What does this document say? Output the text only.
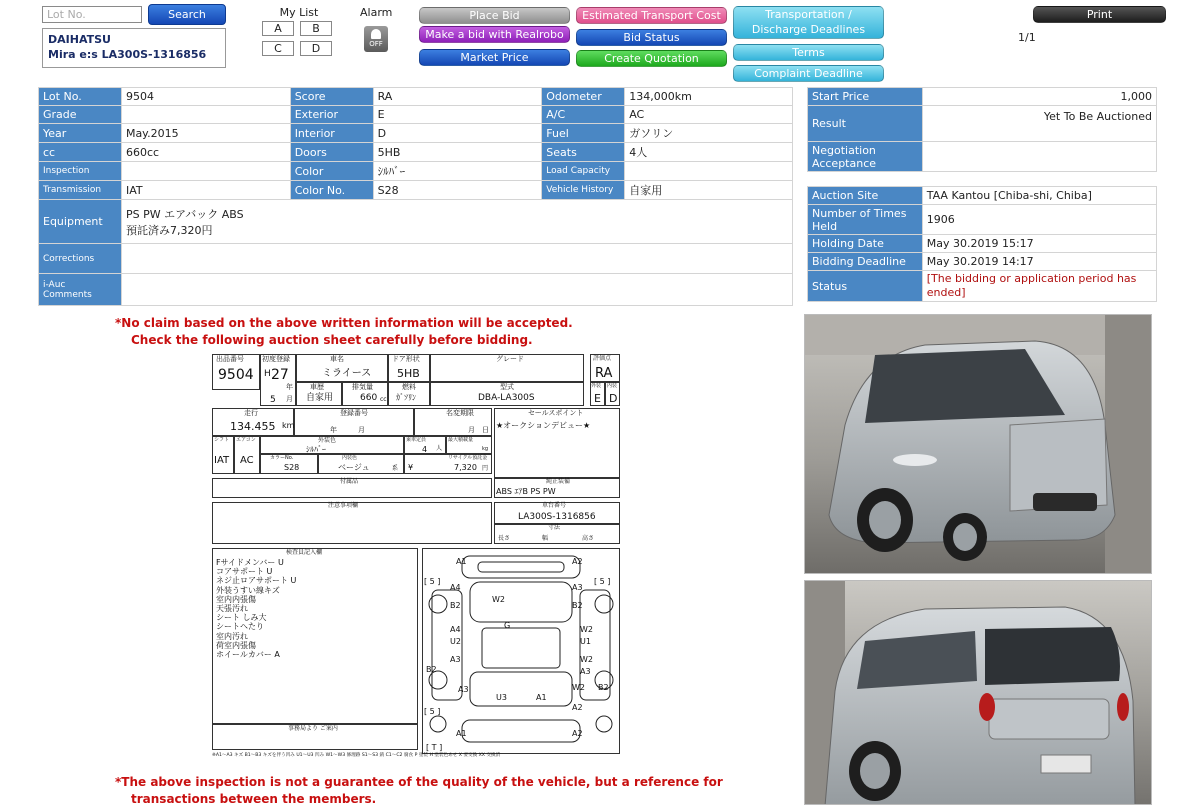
Lot No.
Search
DAIHATSU
Mira e:s LA300S-1316856
My List
A	B
C	D
Alarm
OFF
Place Bid
Make a bid with Realrobo
Market Price
Estimated Transport Cost
Bid Status
Create Quotation
Transportation / Discharge Deadlines
Terms
Complaint Deadline
Print
1/1
Lot No.	9504	Score	RA	Odometer	134,000km
Grade		Exterior	E	A/C	AC
Year	May.2015	Interior	D	Fuel	ガソリン
cc	660cc	Doors	5HB	Seats	4人
Inspection		Color	ｼﾙﾊﾞｰ	Load Capacity	
Transmission	IAT	Color No.	S28	Vehicle History	自家用
Equipment	PS PW エアバック ABS
預託済み7,320円				

Corrections					
i-Auc Comments					
Start Price	1,000
Result	Yet To Be Auctioned
Negotiation Acceptance	
Auction Site	TAA Kantou [Chiba-shi, Chiba]
Number of Times Held	1906
Holding Date	May 30.2019 15:17
Bidding Deadline	May 30.2019 14:17
Status	[The bidding or application period has ended]
*No claim based on the above written information will be accepted.
Check the following auction sheet carefully before bidding.
*The above inspection is not a guarantee of the quality of the vehicle, but a reference for
transactions between the members.
出品番号
9504
初度登録
H 27
年
5 月
車名
ミライース
ドア形状
5HB
グレード	評価点
RA
車歴
自家用
排気量
660 cc
燃料
ｶﾞｿﾘﾝ
型式
DBA-LA300S
外装 内装
E D
走行
134.455 km
登録番号
年	月
名変期限
月 日
セールスポイント
★オークションデビュー★
シフト
IAT
エアコン
AC
外装色
ｼﾙﾊﾞｰ
乗車定員
4 人
最大積載量
kg
カラーNo.
S28
内装色
ベージュ	系
リサイクル預託金
¥	7,320 円
付属品	純正装備
ABS ｴｱB PS PW
注意事項欄	車台番号
LA300S-1316856
寸法
長さ	幅	高さ
検査員記入欄
Fサイドメンバー U
コアサポート U
ネジ止ロアサポート U
外装うすい線キズ
室内内張傷
天張汚れ
シート しみ大
シートヘたり
室内汚れ
荷室内張傷
ホイールカバー A
事務局より ご案内
A1	A2
[ 5 ]	[ 5 ]
A4
B2
W2
A3
B2
G
A4
U2
W2
U1
A3
B2
W2
A3
A3	W2 B2
U3	A1
[ 5 ]	A2
A1	A2
[ T ]
※A1～A3 キズ B1～B3 キズを伴う凹み U1～U3 凹み W1～W3 修理跡 S1～S3 錆 C1～C2 腐食 P 塗装 H 塗装色あせ X 要交換 XX 交換済
